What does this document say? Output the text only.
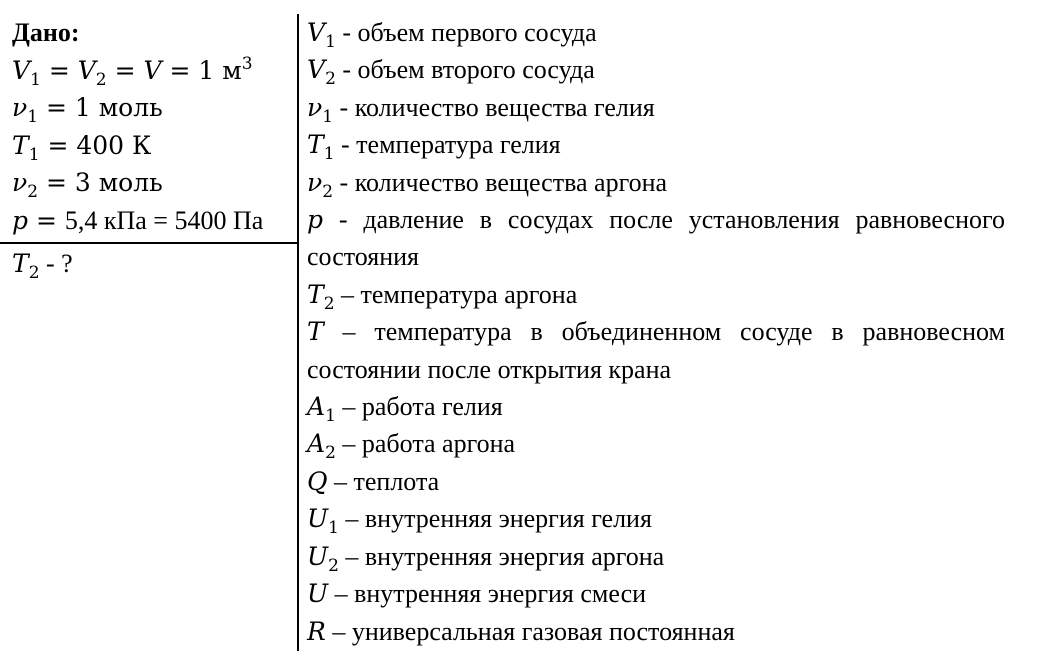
Дано:
$V_1 = V_2 = V = 1$ $м^3$
$\nu_1 = 1$ моль
$T_1 = 400$ К
$\nu_2 = 3$ моль
p = 5,4 кПа = 5400 Па
$T_2$ - ?
$V_1$ - объем первого сосуда
$V_2$ - объем второго сосуда
$\nu_1$ - количество вещества гелия
$T_1$ - температура гелия
$\nu_2$ - количество вещества аргона
p - давление в сосудах после установления равновесного состояния
$T_2$ – температура аргона
T – температура в объединенном сосуде в равновесном состоянии после открытия крана
$A_1$ – работа гелия
$A_2$ – работа аргона
Q – теплота
$U_1$ – внутренняя энергия гелия
$U_2$ – внутренняя энергия аргона
U – внутренняя энергия смеси
R – универсальная газовая постоянная
